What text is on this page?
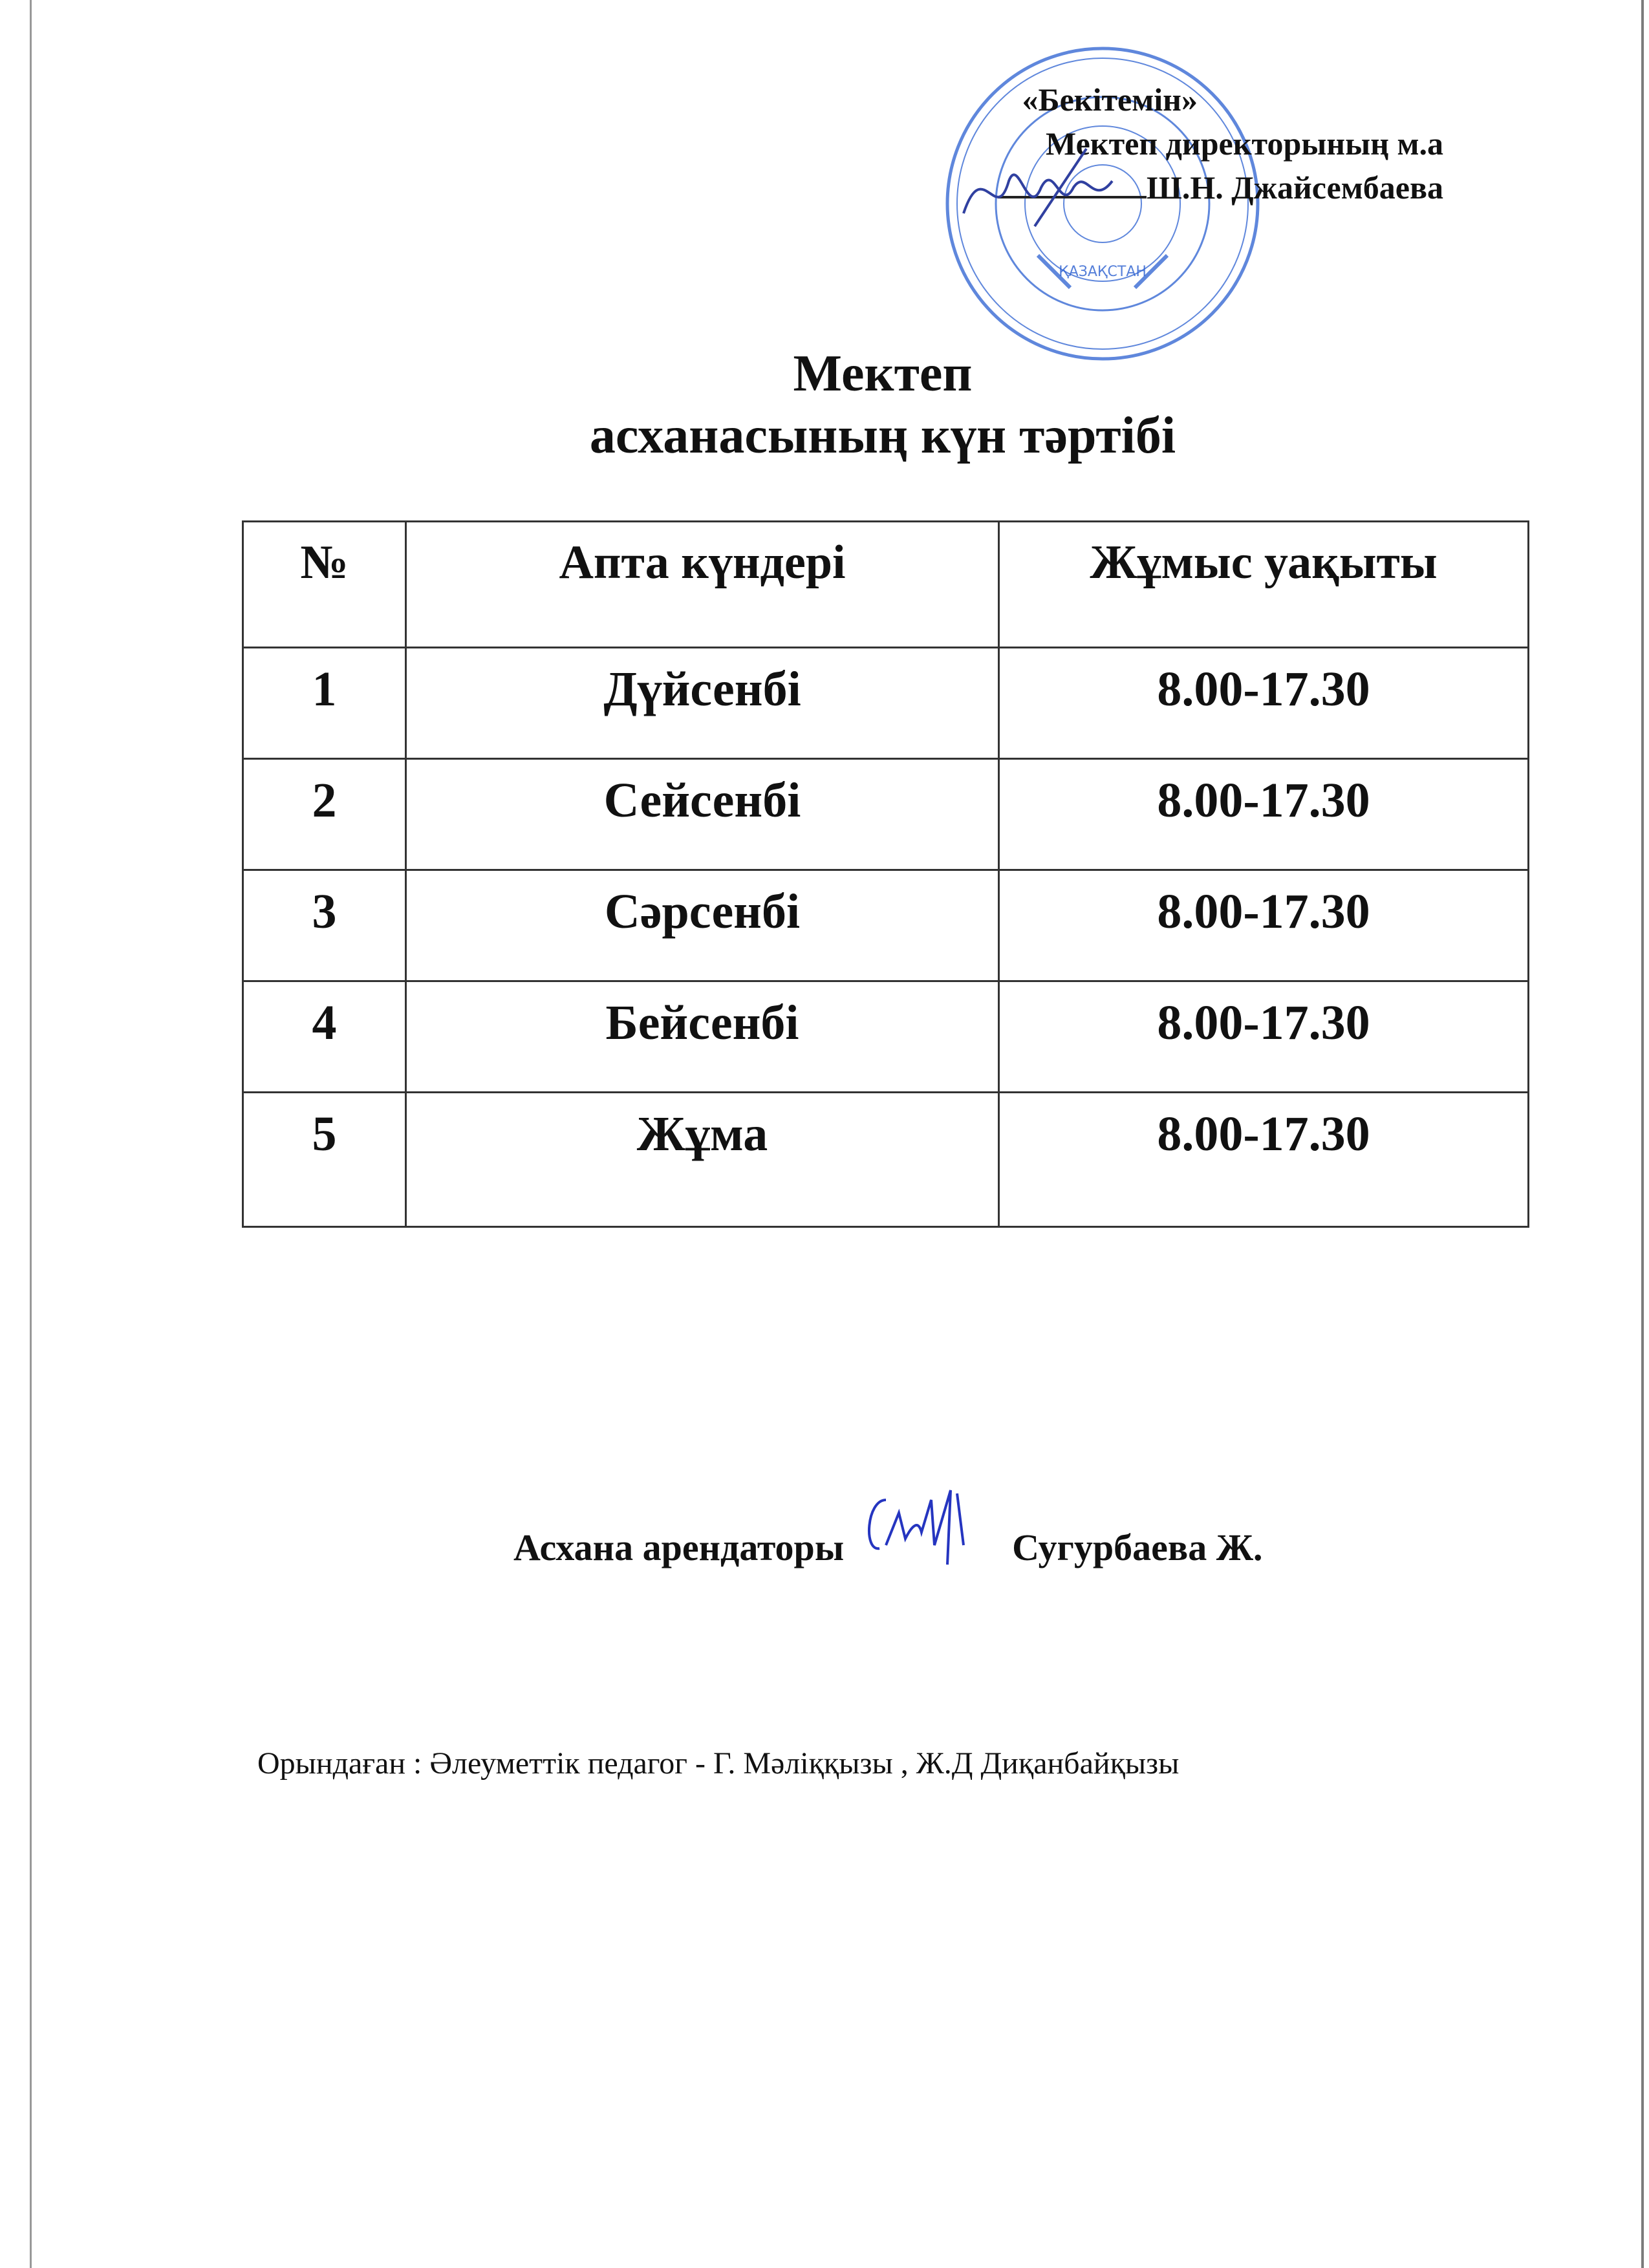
ҚАЗАҚСТАН
«Бекітемін»
Мектеп директорының м.а
Ш.Н. Джайсембаева
Мектеп
асханасының күн тәртібі
№	Апта күндері	Жұмыс уақыты
1	Дүйсенбі	8.00-17.30
2	Сейсенбі	8.00-17.30
3	Сәрсенбі	8.00-17.30
4	Бейсенбі	8.00-17.30
5	Жұма	8.00-17.30
Асхана арендаторы	Сугурбаева Ж.
Орындаған : Әлеуметтік педагог - Г. Мәліққызы , Ж.Д Диқанбайқызы
